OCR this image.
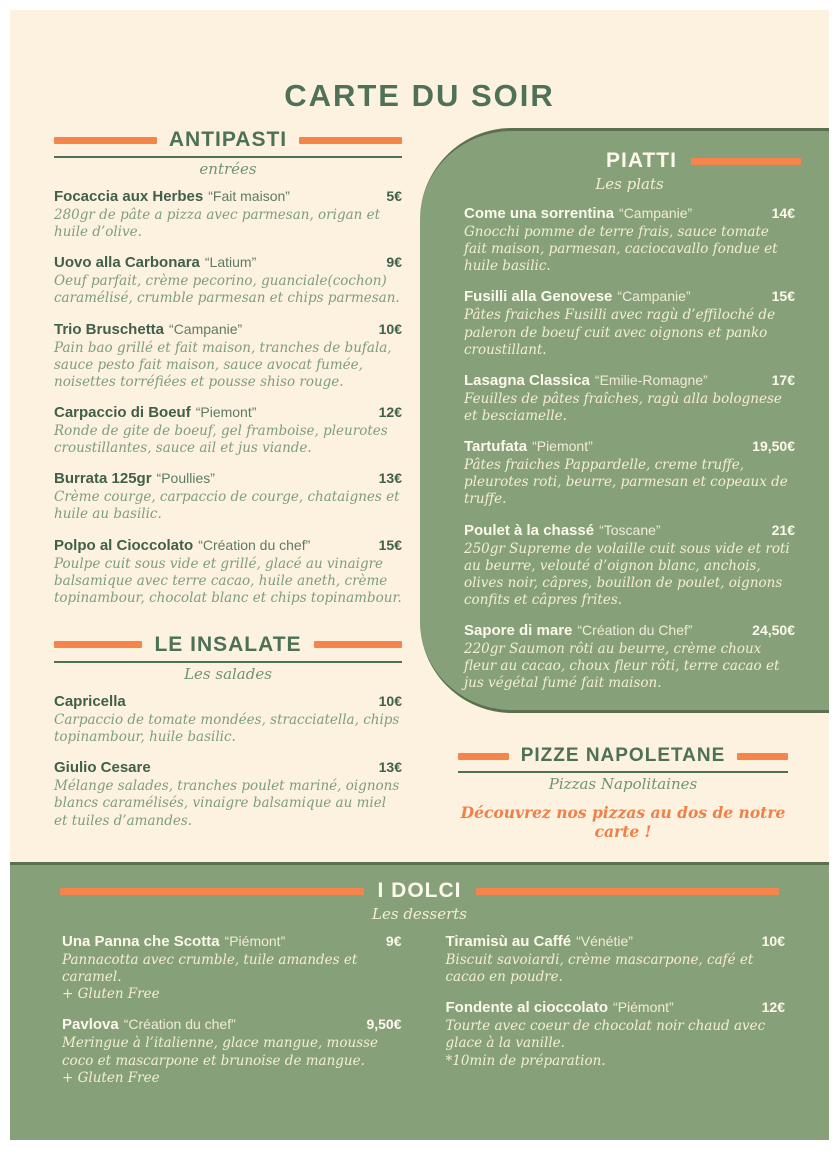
CARTE DU SOIR
ANTIPASTI
entrées
Focaccia aux Herbes “Fait maison”	5€
280gr de pâte a pizza avec parmesan, origan et huile d’olive.
Uovo alla Carbonara “Latium”	9€
Oeuf parfait, crème pecorino, guanciale(cochon) caramélisé, crumble parmesan et chips parmesan.
Trio Bruschetta “Campanie”	10€
Pain bao grillé et fait maison, tranches de bufala, sauce pesto fait maison, sauce avocat fumée, noisettes torréfiées et pousse shiso rouge.
Carpaccio di Boeuf “Piemont”	12€
Ronde de gite de boeuf, gel framboise, pleurotes croustillantes, sauce ail et jus viande.
Burrata 125gr “Poullies”	13€
Crème courge, carpaccio de courge, chataignes et huile au basilic.
Polpo al Cioccolato “Création du chef”	15€
Poulpe cuit sous vide et grillé, glacé au vinaigre balsamique avec terre cacao, huile aneth, crème topinambour, chocolat blanc et chips topinambour.
LE INSALATE
Les salades
Capricella	10€
Carpaccio de tomate mondées, stracciatella, chips topinambour, huile basilic.
Giulio Cesare	13€
Mélange salades, tranches poulet mariné, oignons blancs caramélisés, vinaigre balsamique au miel et tuiles d’amandes.
PIATTI
Les plats
Come una sorrentina “Campanie”	14€
Gnocchi pomme de terre frais, sauce tomate fait maison, parmesan, caciocavallo fondue et huile basilic.
Fusilli alla Genovese “Campanie”	15€
Pâtes fraiches Fusilli avec ragù d’effiloché de paleron de boeuf cuit avec oignons et panko croustillant.
Lasagna Classica “Emilie-Romagne”	17€
Feuilles de pâtes fraîches, ragù alla bolognese et besciamelle.
Tartufata “Piemont”	19,50€
Pâtes fraiches Pappardelle, creme truffe, pleurotes roti, beurre, parmesan et copeaux de truffe.
Poulet à la chassé “Toscane”	21€
250gr Supreme de volaille cuit sous vide et roti au beurre, velouté d’oignon blanc, anchois, olives noir, câpres, bouillon de poulet, oignons confits et câpres frites.
Sapore di mare “Création du Chef”	24,50€
220gr Saumon rôti au beurre, crème choux fleur au cacao, choux fleur rôti, terre cacao et jus végétal fumé fait maison.
PIZZE NAPOLETANE
Pizzas Napolitaines
Découvrez nos pizzas au dos de notre carte !
I DOLCI
Les desserts
Una Panna che Scotta “Piémont”	9€
Pannacotta avec crumble, tuile amandes et caramel.
+ Gluten Free
Pavlova “Création du chef”	9,50€
Meringue à l’italienne, glace mangue, mousse coco et mascarpone et brunoise de mangue.
+ Gluten Free
Tiramisù au Caffé “Vénétie”	10€
Biscuit savoiardi, crème mascarpone, café et cacao en poudre.
Fondente al cioccolato “Piémont”	12€
Tourte avec coeur de chocolat noir chaud avec glace à la vanille.
*10min de préparation.
